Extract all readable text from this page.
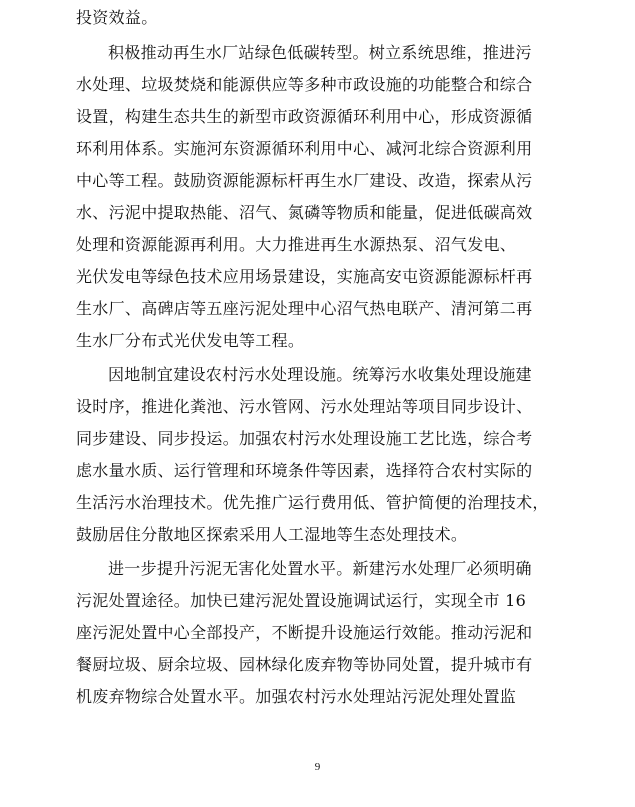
投资效益。
积极推动再生水厂站绿色低碳转型。树立系统思维，推进污
水处理、垃圾焚烧和能源供应等多种市政设施的功能整合和综合
设置，构建生态共生的新型市政资源循环利用中心，形成资源循
环利用体系。实施河东资源循环利用中心、减河北综合资源利用
中心等工程。鼓励资源能源标杆再生水厂建设、改造，探索从污
水、污泥中提取热能、沼气、氮磷等物质和能量，促进低碳高效
处理和资源能源再利用。大力推进再生水源热泵、沼气发电、
光伏发电等绿色技术应用场景建设，实施高安屯资源能源标杆再
生水厂、高碑店等五座污泥处理中心沼气热电联产、清河第二再
生水厂分布式光伏发电等工程。
因地制宜建设农村污水处理设施。统筹污水收集处理设施建
设时序，推进化粪池、污水管网、污水处理站等项目同步设计、
同步建设、同步投运。加强农村污水处理设施工艺比选，综合考
虑水量水质、运行管理和环境条件等因素，选择符合农村实际的
生活污水治理技术。优先推广运行费用低、管护简便的治理技术，
鼓励居住分散地区探索采用人工湿地等生态处理技术。
进一步提升污泥无害化处置水平。新建污水处理厂必须明确
污泥处置途径。加快已建污泥处置设施调试运行，实现全市 16
座污泥处置中心全部投产，不断提升设施运行效能。推动污泥和
餐厨垃圾、厨余垃圾、园林绿化废弃物等协同处置，提升城市有
机废弃物综合处置水平。加强农村污水处理站污泥处理处置监
9
